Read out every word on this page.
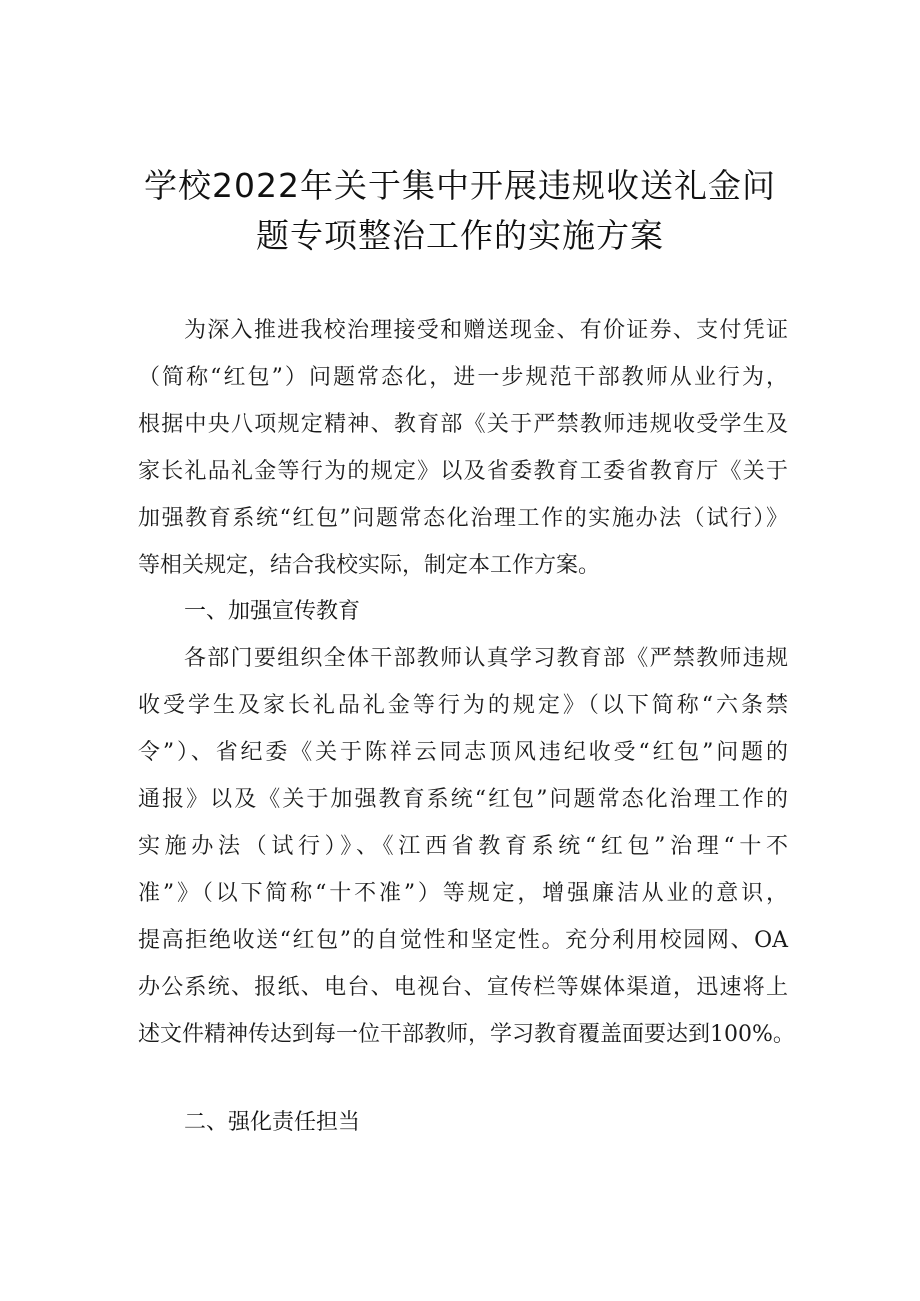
学校2022年关于集中开展违规收送礼金问
题专项整治工作的实施方案
为深入推进我校治理接受和赠送现金、有价证券、支付凭证
（简称“红包”）问题常态化，进一步规范干部教师从业行为，
根据中央八项规定精神、教育部《关于严禁教师违规收受学生及
家长礼品礼金等行为的规定》以及省委教育工委省教育厅《关于
加强教育系统“红包”问题常态化治理工作的实施办法（试行）》
等相关规定，结合我校实际，制定本工作方案。
一、加强宣传教育
各部门要组织全体干部教师认真学习教育部《严禁教师违规
收受学生及家长礼品礼金等行为的规定》（以下简称“六条禁
令”）、省纪委《关于陈祥云同志顶风违纪收受“红包”问题的
通报》以及《关于加强教育系统“红包”问题常态化治理工作的
实施办法（试行）》、《江西省教育系统“红包”治理“十不
准”》（以下简称“十不准”）等规定，增强廉洁从业的意识，
提高拒绝收送“红包”的自觉性和坚定性。充分利用校园网、OA
办公系统、报纸、电台、电视台、宣传栏等媒体渠道，迅速将上
述文件精神传达到每一位干部教师，学习教育覆盖面要达到100%。
二、强化责任担当
